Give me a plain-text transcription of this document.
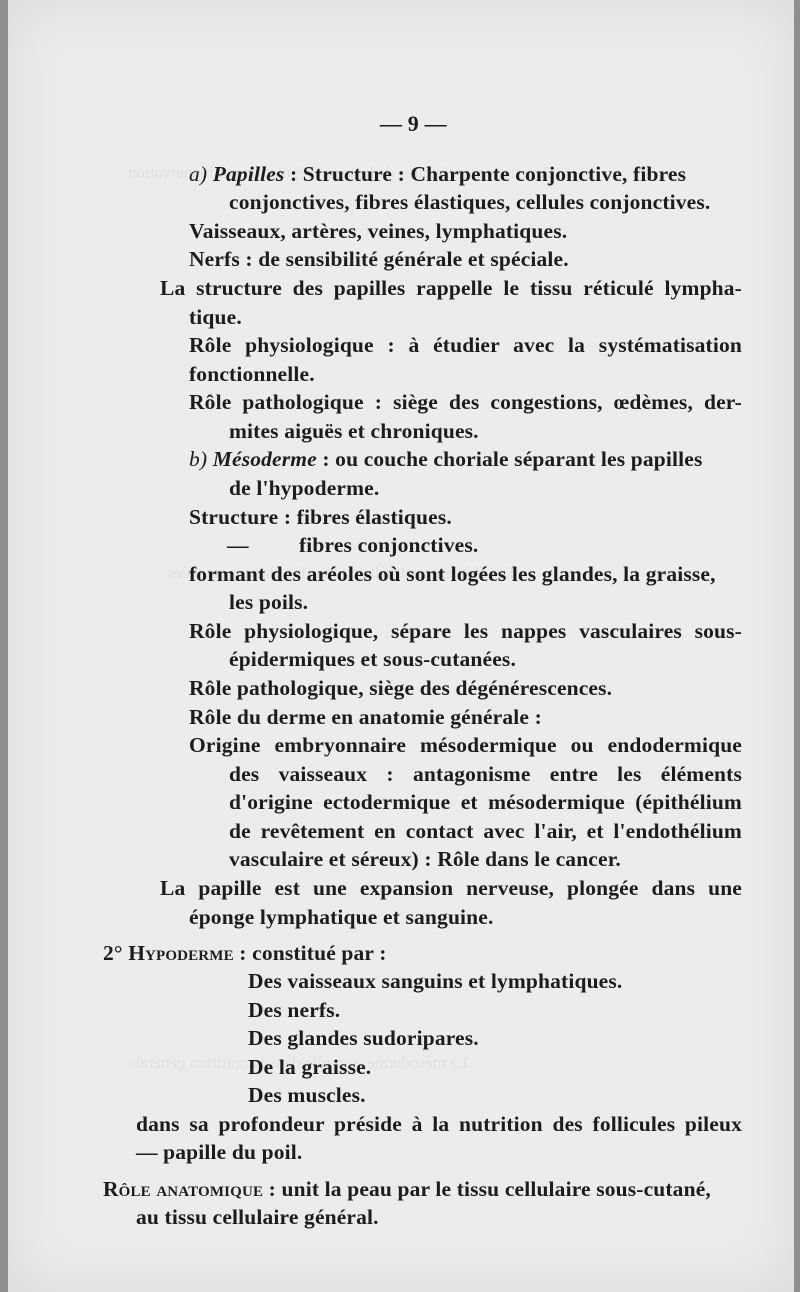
— 9 —
a) Papilles : Structure : Charpente conjonctive, fibres
conjonctives, fibres élastiques, cellules conjonctives.
Vaisseaux, artères, veines, lymphatiques.
Nerfs : de sensibilité générale et spéciale.
La structure des papilles rappelle le tissu réticulé lympha-
tique.
Rôle physiologique : à étudier avec la systématisation
fonctionnelle.
Rôle pathologique : siège des congestions, œdèmes, der-
mites aiguës et chroniques.
b) Mésoderme : ou couche choriale séparant les papilles
de l'hypoderme.
Structure : fibres élastiques.
— fibres conjonctives.
formant des aréoles où sont logées les glandes, la graisse,
les poils.
Rôle physiologique, sépare les nappes vasculaires sous-
épidermiques et sous-cutanées.
Rôle pathologique, siège des dégénérescences.
Rôle du derme en anatomie générale :
Origine embryonnaire mésodermique ou endodermique
des vaisseaux : antagonisme entre les éléments
d'origine ectodermique et mésodermique (épithélium
de revêtement en contact avec l'air, et l'endothélium
vasculaire et séreux) : Rôle dans le cancer.
La papille est une expansion nerveuse, plongée dans une
éponge lymphatique et sanguine.
2° Hypoderme : constitué par :
Des vaisseaux sanguins et lymphatiques.
Des nerfs.
Des glandes sudoripares.
De la graisse.
Des muscles.
dans sa profondeur préside à la nutrition des follicules pileux
— papille du poil.
Rôle anatomique : unit la peau par le tissu cellulaire sous-cutané,
au tissu cellulaire général.
